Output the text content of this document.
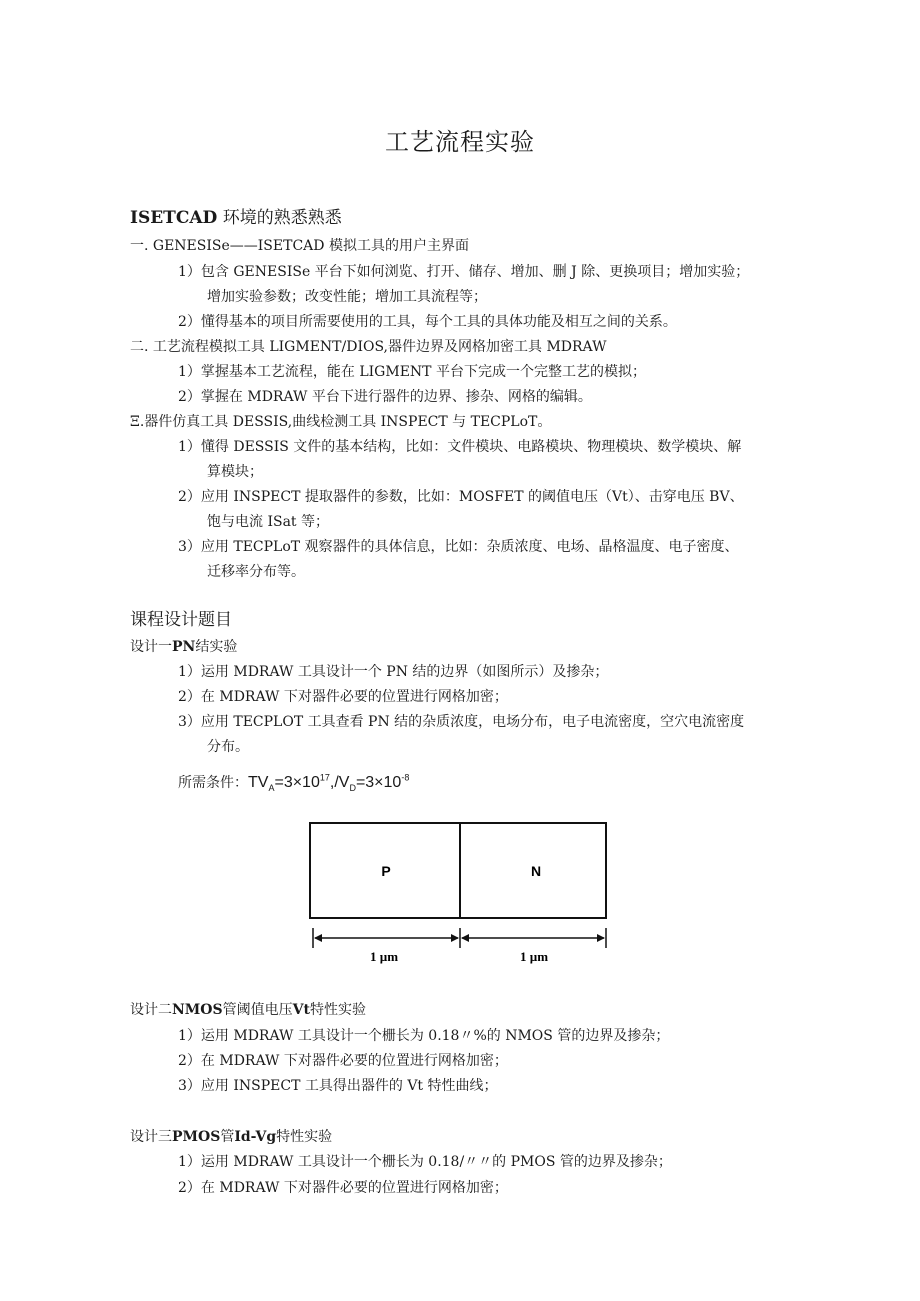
工艺流程实验
ISETCAD 环境的熟悉熟悉
一. GENESISe——ISETCAD 模拟工具的用户主界面
1）包含 GENESISe 平台下如何浏览、打开、储存、增加、删 J 除、更换项目；增加实验；
增加实验参数；改变性能；增加工具流程等；
2）懂得基本的项目所需要使用的工具，每个工具的具体功能及相互之间的关系。
二. 工艺流程模拟工具 LIGMENT/DIOS,器件边界及网格加密工具 MDRAW
1）掌握基本工艺流程，能在 LIGMENT 平台下完成一个完整工艺的模拟；
2）掌握在 MDRAW 平台下进行器件的边界、掺杂、网格的编辑。
Ξ.器件仿真工具 DESSIS,曲线检测工具 INSPECT 与 TECPLoT。
1）懂得 DESSIS 文件的基本结构，比如：文件模块、电路模块、物理模块、数学模块、解
算模块；
2）应用 INSPECT 提取器件的参数，比如：MOSFET 的阈值电压（Vt）、击穿电压 BV、
饱与电流 ISat 等；
3）应用 TECPLoT 观察器件的具体信息，比如：杂质浓度、电场、晶格温度、电子密度、
迁移率分布等。
课程设计题目
设计一PN结实验
1）运用 MDRAW 工具设计一个 PN 结的边界（如图所示）及掺杂；
2）在 MDRAW 下对器件必要的位置进行网格加密；
3）应用 TECPLOT 工具查看 PN 结的杂质浓度，电场分布，电子电流密度，空穴电流密度
分布。
所需条件：$TV_A=3\times 10^{17},/V_D=3\times 10^{-8}$
P	N
1 µm	1 µm
设计二NMOS管阈值电压Vt特性实验
1）运用 MDRAW 工具设计一个栅长为 0.18〃%的 NMOS 管的边界及掺杂；
2）在 MDRAW 下对器件必要的位置进行网格加密；
3）应用 INSPECT 工具得出器件的 Vt 特性曲线；
设计三PMOS管Id-Vg特性实验
1）运用 MDRAW 工具设计一个栅长为 0.18/〃〃的 PMOS 管的边界及掺杂；
2）在 MDRAW 下对器件必要的位置进行网格加密；
